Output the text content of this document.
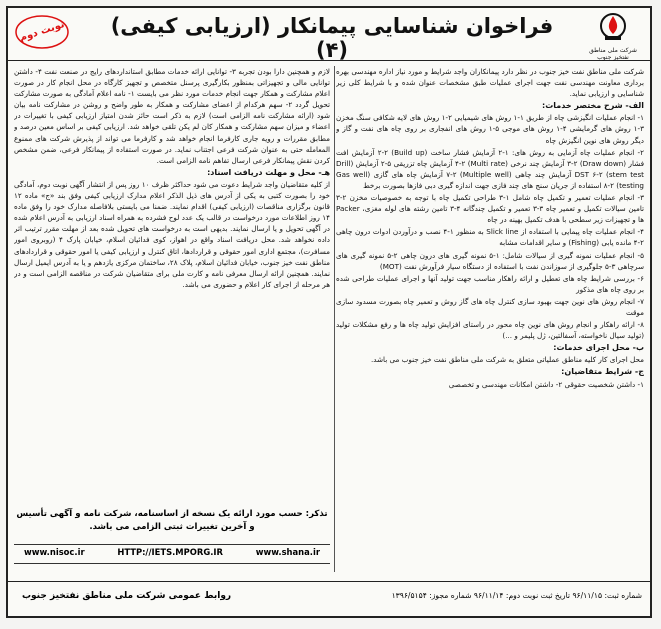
نوبت دوم	فراخوان شناسایی پیمانکار (ارزیابی کیفی) (۴)	شرکت ملی مناطق نفتخیز جنوب

شرکت ملی مناطق نفت خیز جنوب در نظر دارد پیمانکاران واجد شرایط و مورد نیاز اداره مهندسی بهره برداری معاونت مهندسی نفت جهت اجرای عملیات طبق مشخصات عنوان شده و با شرایط کلی زیر شناسایی و ارزیابی نماید.

الف- شرح مختصر خدمات:

۱- انجام عملیات انگیزشی چاه از طریق ۱-۱ روش های شیمیایی ۲-۱ روش های لایه شکافی سنگ مخزن ۳-۱ روش های گرمایشی ۴-۱ روش های موجی ۵-۱ روش های انفجاری بر روی چاه های نفت و گاز و دیگر روش های نوین انگیزش چاه

۲- انجام عملیات چاه آزمایی به روش های: ۱-۲ آزمایش فشار ساخت (Build up) ۲-۲ آزمایش افت فشار (Draw down) ۳-۲ آزمایش چند نرخی (Multi rate) ۴-۲ آزمایش چاه تزریقی ۵-۲ آزمایش (Drill stem test) DST ۶-۲ آزمایش چند چاهی (Multiple well) ۷-۲ آزمایش چاه های گازی (Gas well testing) ۸-۲ استفاده از جریان سنج های چند فازی جهت اندازه گیری دبی فازها بصورت برخط

۳- انجام عملیات تعمیر و تکمیل چاه شامل ۱-۳ طراحی تکمیل چاه با توجه به خصوصیات مخزن ۲-۳ تامین سیالات تکمیل و تعمیر چاه ۳-۳ تعمیر و تکمیل چندگانه ۴-۳ تامین رشته های لوله مغزی، Packer ها و تجهیزات زیر سطحی با هدف تکمیل بهینه در چاه

۴- انجام عملیات چاه پیمایی با استفاده از Slick line به منظور ۱-۴ نصب و درآوردن ادوات درون چاهی ۲-۴ مانده یابی (Fishing) و سایر اقدامات مشابه

۵- انجام عملیات نمونه گیری از سیالات شامل: ۱-۵ نمونه گیری های درون چاهی ۲-۵ نمونه گیری های سرچاهی ۳-۵ جلوگیری از سوزاندن نفت با استفاده از دستگاه سیار فرآورش نفت (MOT)

۶- بررسی شرایط چاه های تعطیل و ارائه راهکار مناسب جهت تولید آنها و اجرای عملیات طراحی شده بر روی چاه های مذکور

۷- انجام روش های نوین جهت بهبود سازی کنترل چاه های گاز روش و تعمیر چاه بصورت مسدود سازی موقت

۸- ارائه راهکار و انجام روش های نوین چاه محور در راستای افزایش تولید چاه ها و رفع مشکلات تولید (تولید سیال ناخواسته، آسفالتین، ژل پلیمر و ...)

ب- محل اجرای خدمات:

محل اجرای کار کلیه مناطق عملیاتی متعلق به شرکت ملی مناطق نفت خیز جنوب می باشد.

ج- شرایط متقاضیان:

۱- داشتن شخصیت حقوقی ۲- داشتن امکانات مهندسی و تخصصی

لازم و همچنین دارا بودن تجربه ۳- توانایی ارائه خدمات مطابق استانداردهای رایج در صنعت نفت ۴- داشتن توانایی مالی و تجهیزاتی بمنظور بکارگیری پرسنل متخصص و تجهیز کارگاه در محل انجام کار در صورت اعلام مشارکت و همکار جهت انجام خدمات مورد نظر می بایست ۱- نامه اعلام آمادگی به صورت مشارکت تحویل گردد ۲- سهم هرکدام از اعضای مشارکت و همکار به طور واضح و روشن در مشارکت نامه بیان شود (ارائه مشارکت نامه الزامی است) لازم به ذکر است حائز شدن امتیاز ارزیابی کیفی با تغییرات در اعضاء و میزان سهم مشارکت و همکار کان لم یکن تلقی خواهد شد. ارزیابی کیفی بر اساس معین درصد و مطابق مقررات و رویه جاری کارفرما انجام خواهد شد و کارفرما می تواند از پذیرش شرکت های ممنوع المعامله حتی به عنوان شرکت فرعی اجتناب نماید. در صورت استفاده از پیمانکار فرعی، ضمن مشخص کردن نقش پیمانکار فرعی ارسال تفاهم نامه الزامی است.

هـ- محل و مهلت دریافت اسناد:

از کلیه متقاضیان واجد شرایط دعوت می شود حداکثر ظرف ۱۰ روز پس از انتشار آگهی نوبت دوم، آمادگی خود را بصورت کتبی به یکی از آدرس های ذیل الذکر اعلام مدارک ارزیابی کیفی وفق بند «ج» ماده ۱۲ قانون برگزاری مناقصات (ارزیابی کیفی) اقدام نمایند. ضمنا می بایستی بلافاصله مدارک خود را وفق ماده ۱۴ روز اطلاعات مورد درخواست در قالب یک عدد لوح فشرده به همراه اسناد ارزیابی به آدرس اعلام شده در آگهی تحویل و یا ارسال نمایند. بدیهی است به درخواست های تحویل شده بعد از مهلت مقرر ترتیب اثر داده نخواهد شد. محل دریافت اسناد واقع در اهواز، کوی فدائیان اسلام، خیابان پارک ۴ (روبروی امور مسافرت)، مجتمع اداری امور حقوقی و قراردادها، اتاق کنترل و ارزیابی کیفی یا امور حقوقی و قراردادهای مناطق نفت خیز جنوب، خیابان فدائیان اسلام، پلاک ۲۸، ساختمان مرکزی یازدهم و یا به آدرس ایمیل ارسال نمایند. همچنین ارائه ارسال معرفی نامه و کارت ملی برای متقاضیان شرکت در مناقصه الزامی است و در هر مرحله از اجرای کار اعلام و حضوری می باشد.

تذکر: حسب مورد ارائه یک نسخه از اساسنامه، شرکت نامه و آگهی تأسیس و آخرین تغییرات ثبتی الزامی می باشد.
www.nisoc.ir	HTTP://IETS.MPORG.IR	www.shana.ir
روابط عمومی شرکت ملی مناطق نفتخیز جنوب	شماره ثبت: ۹۶/۱۱/۱۵ تاریخ ثبت نوبت دوم: ۹۶/۱۱/۱۴ شماره مجوز: ۱۳۹۶/۵۱۵۴
